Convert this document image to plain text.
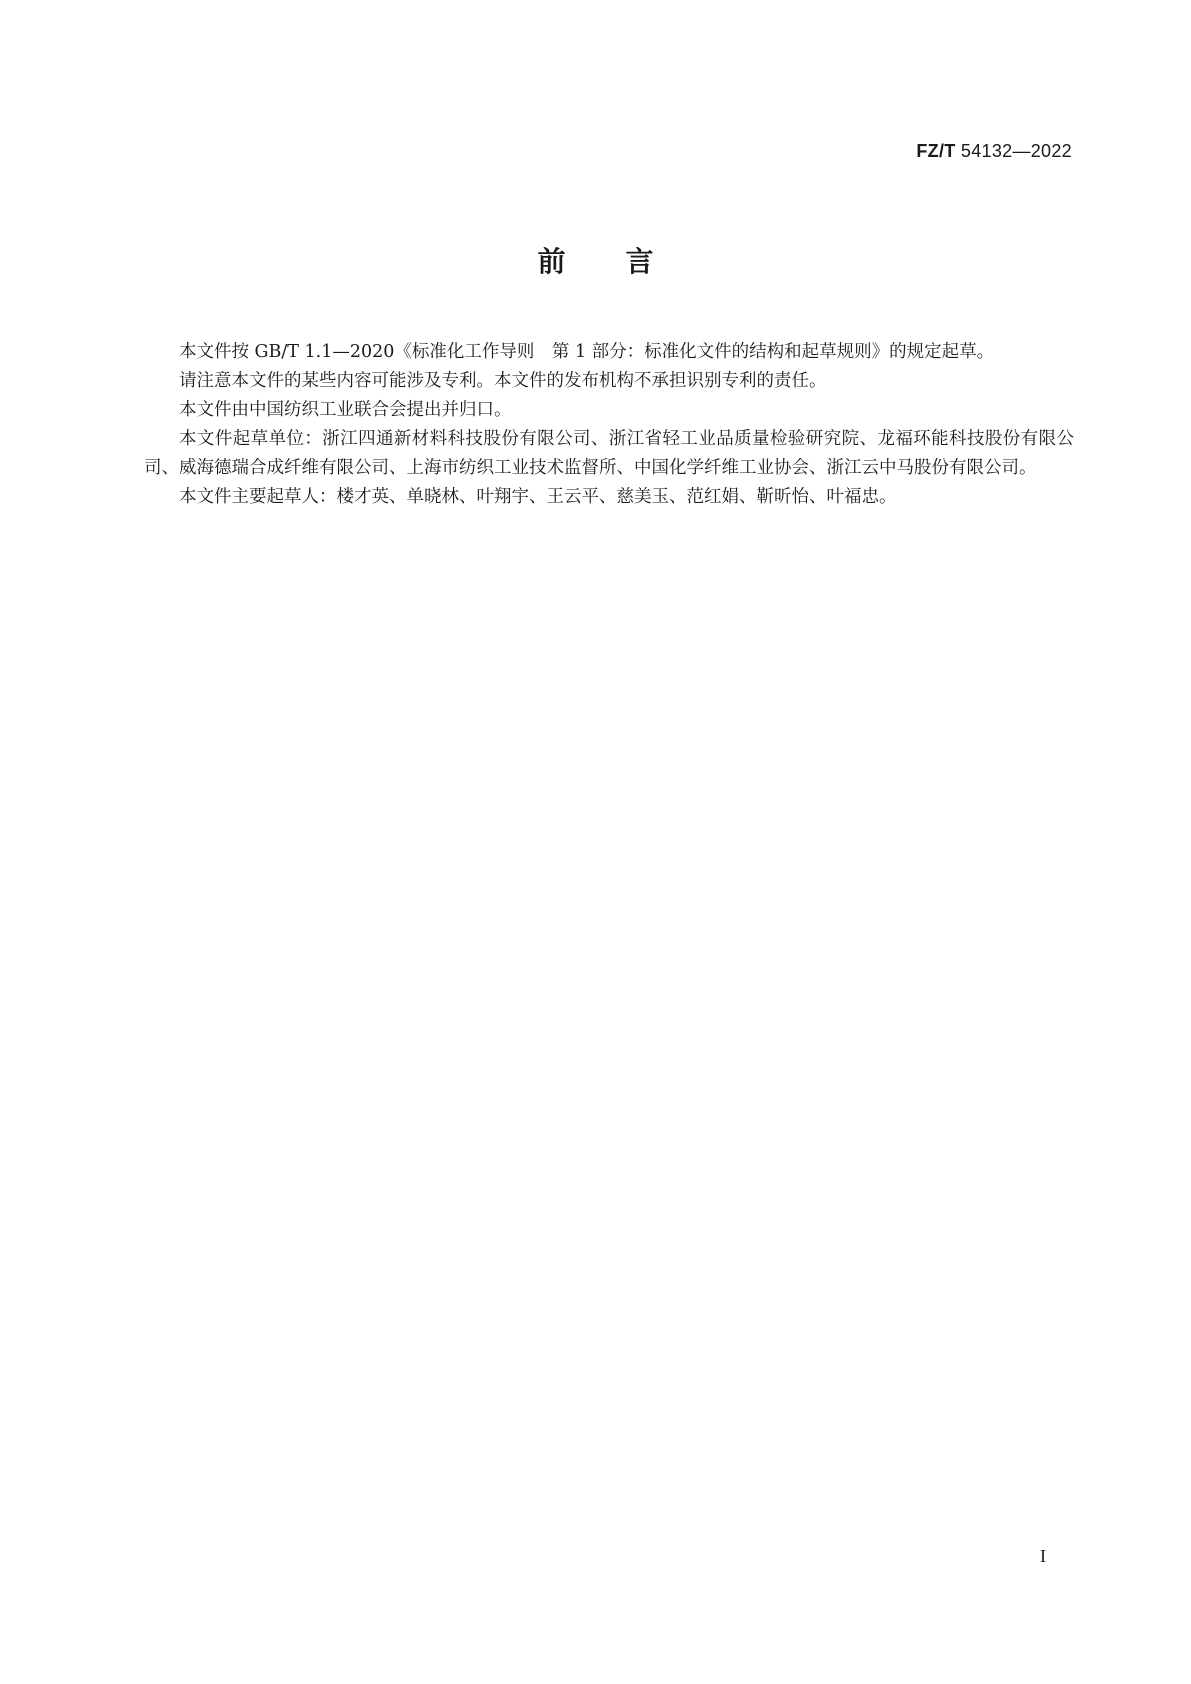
FZ/T 54132—2022
前言

本文件按 GB/T 1.1—2020《标准化工作导则　第 1 部分：标准化文件的结构和起草规则》的规定起草。

请注意本文件的某些内容可能涉及专利。本文件的发布机构不承担识别专利的责任。

本文件由中国纺织工业联合会提出并归口。

本文件起草单位：浙江四通新材料科技股份有限公司、浙江省轻工业品质量检验研究院、龙福环能科技股份有限公司、威海德瑞合成纤维有限公司、上海市纺织工业技术监督所、中国化学纤维工业协会、浙江云中马股份有限公司。

本文件主要起草人：楼才英、单晓林、叶翔宇、王云平、慈美玉、范红娟、靳昕怡、叶福忠。

I
